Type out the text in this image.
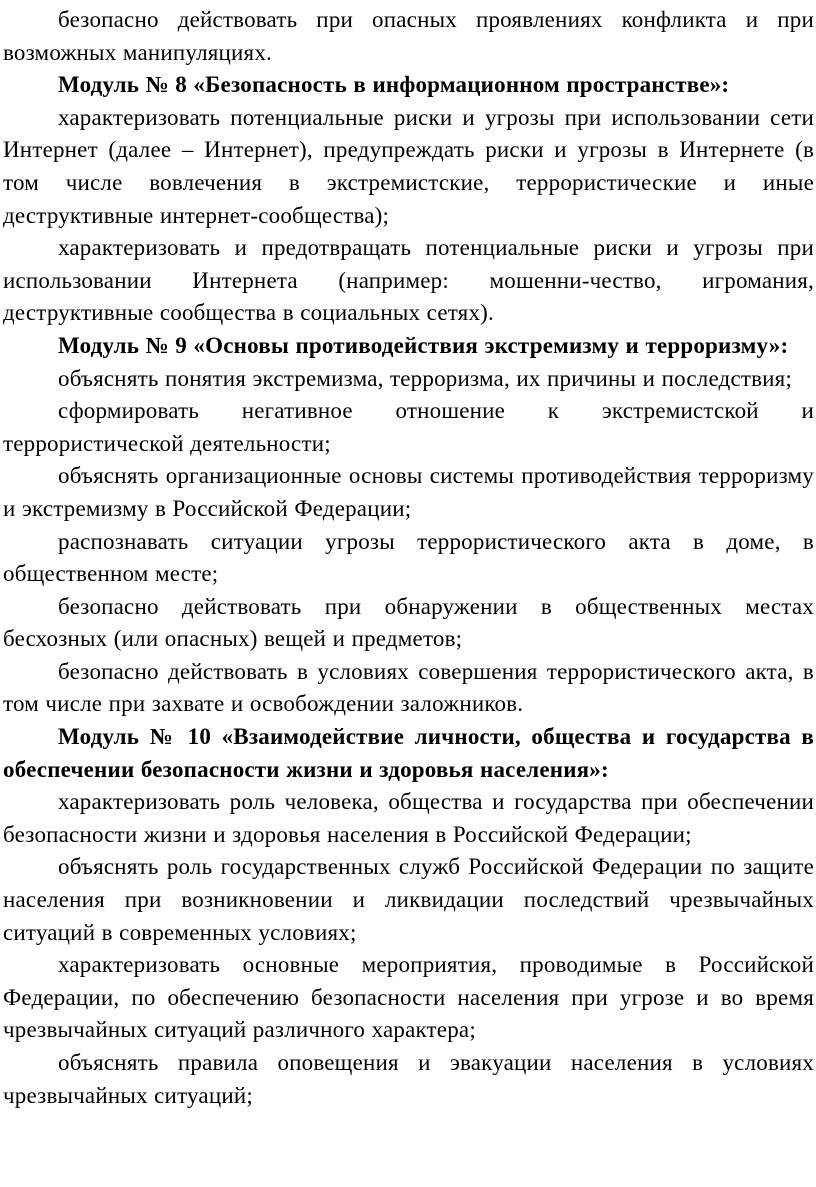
безопасно действовать при опасных проявлениях конфликта и при возможных манипуляциях.

Модуль № 8 «Безопасность в информационном пространстве»:

характеризовать потенциальные риски и угрозы при использовании сети Интернет (далее – Интернет), предупреждать риски и угрозы в Интернете (в том числе вовлечения в экстремистские, террористические и иные деструктивные интернет-сообщества);

характеризовать и предотвращать потенциальные риски и угрозы при использовании Интернета (например: мошенни-чество, игромания, деструктивные сообщества в социальных сетях).

Модуль № 9 «Основы противодействия экстремизму и терроризму»:

объяснять понятия экстремизма, терроризма, их причины и последствия;

сформировать негативное отношение к экстремистской и террористической деятельности;

объяснять организационные основы системы противодействия терроризму и экстремизму в Российской Федерации;

распознавать ситуации угрозы террористического акта в доме, в общественном месте;

безопасно действовать при обнаружении в общественных местах бесхозных (или опасных) вещей и предметов;

безопасно действовать в условиях совершения террористического акта, в том числе при захвате и освобождении заложников.

Модуль № 10 «Взаимодействие личности, общества и государства в обеспечении безопасности жизни и здоровья населения»:

характеризовать роль человека, общества и государства при обеспечении безопасности жизни и здоровья населения в Российской Федерации;

объяснять роль государственных служб Российской Федерации по защите населения при возникновении и ликвидации последствий чрезвычайных ситуаций в современных условиях;

характеризовать основные мероприятия, проводимые в Российской Федерации, по обеспечению безопасности населения при угрозе и во время чрезвычайных ситуаций различного характера;

объяснять правила оповещения и эвакуации населения в условиях чрезвычайных ситуаций;
